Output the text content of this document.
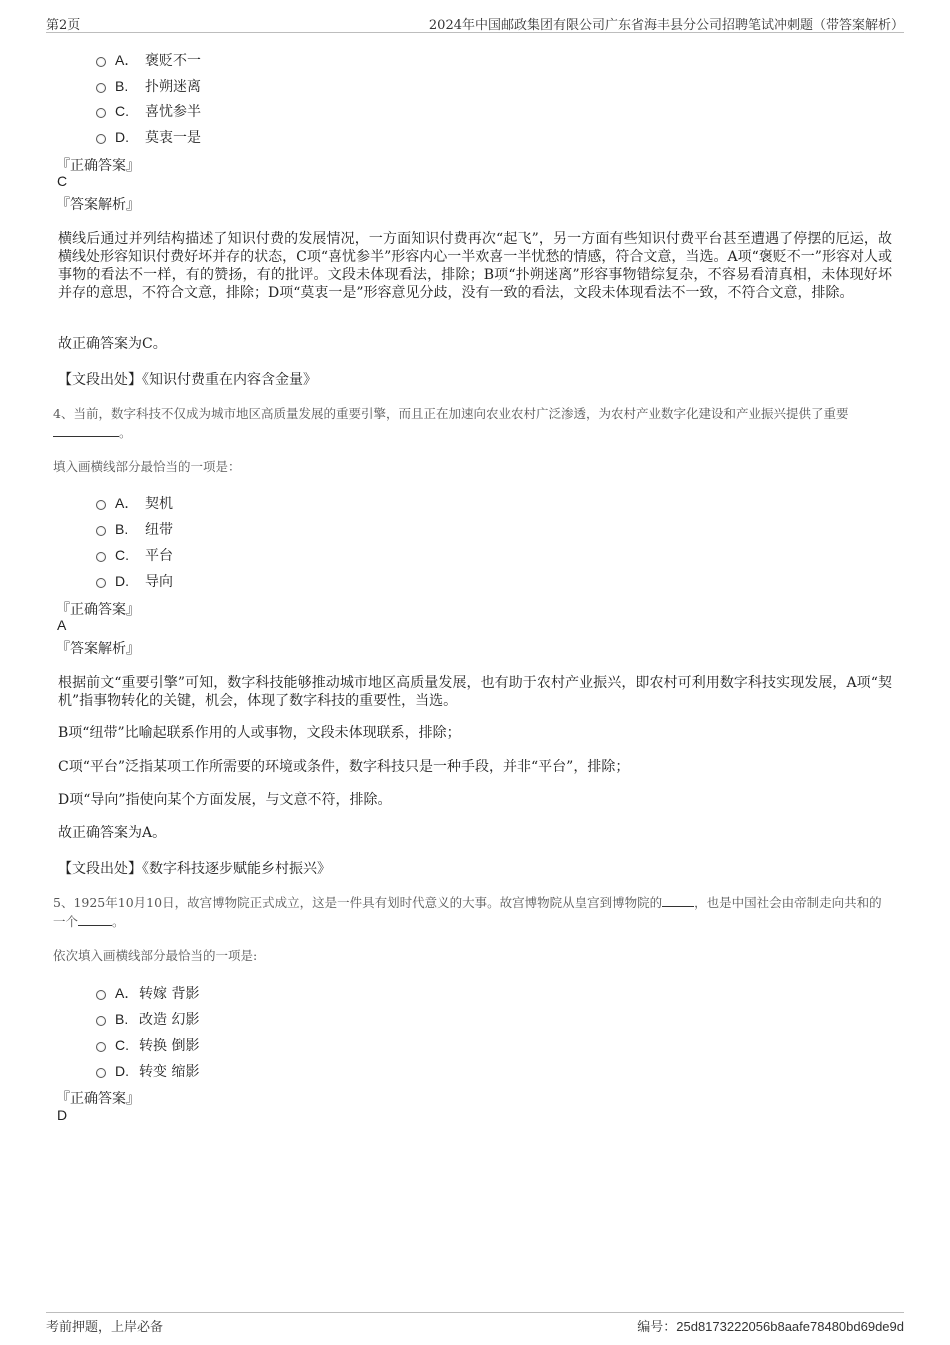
第2页	2024年中国邮政集团有限公司广东省海丰县分公司招聘笔试冲刺题（带答案解析）
A． 褒贬不一
B. 扑朔迷离
C. 喜忧参半
D. 莫衷一是
『正确答案』
C
『答案解析』
横线后通过并列结构描述了知识付费的发展情况，一方面知识付费再次“起飞”，另一方面有些知识付费平台甚至遭遇了停摆的厄运，故横线处形容知识付费好坏并存的状态，C项“喜忧参半”形容内心一半欢喜一半忧愁的情感，符合文意，当选。A项“褒贬不一”形容对人或事物的看法不一样，有的赞扬，有的批评。文段未体现看法，排除；B项“扑朔迷离”形容事物错综复杂，不容易看清真相，未体现好坏并存的意思，不符合文意，排除；D项“莫衷一是”形容意见分歧，没有一致的看法，文段未体现看法不一致，不符合文意，排除。
故正确答案为C。
【文段出处】《知识付费重在内容含金量》
4、当前，数字科技不仅成为城市地区高质量发展的重要引擎，而且正在加速向农业农村广泛渗透，为农村产业数字化建设和产业振兴提供了重要。
填入画横线部分最恰当的一项是：
A． 契机
B. 纽带
C. 平台
D. 导向
『正确答案』
A
『答案解析』
根据前文“重要引擎”可知，数字科技能够推动城市地区高质量发展，也有助于农村产业振兴，即农村可利用数字科技实现发展，A项“契机”指事物转化的关键，机会，体现了数字科技的重要性，当选。
B项“纽带”比喻起联系作用的人或事物，文段未体现联系，排除；
C项“平台”泛指某项工作所需要的环境或条件，数字科技只是一种手段，并非“平台”，排除；
D项“导向”指使向某个方面发展，与文意不符，排除。
故正确答案为A。
【文段出处】《数字科技逐步赋能乡村振兴》
5、1925年10月10日，故宫博物院正式成立，这是一件具有划时代意义的大事。故宫博物院从皇宫到博物院的	，也是中国社会由帝制走向共和的一个	。
依次填入画横线部分最恰当的一项是:
A．转嫁 背影
B. 改造 幻影
C. 转换 倒影
D. 转变 缩影
『正确答案』
D
考前押题，上岸必备	编号：25d8173222056b8aafe78480bd69de9d
